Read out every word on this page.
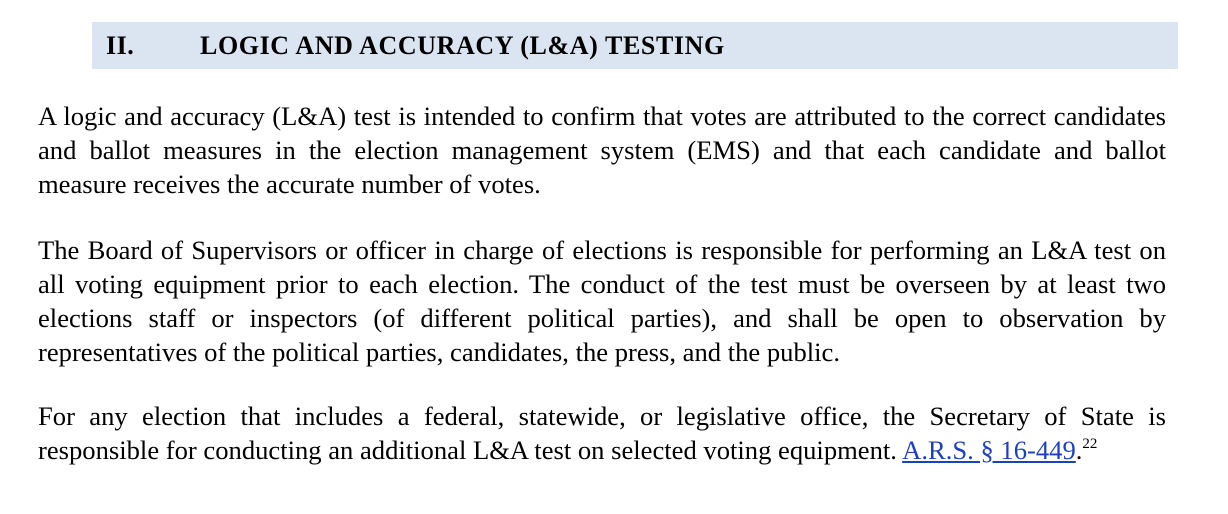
II.	LOGIC AND ACCURACY (L&A) TESTING

A logic and accuracy (L&A) test is intended to confirm that votes are attributed to the correct candidates and ballot measures in the election management system (EMS) and that each candidate and ballot measure receives the accurate number of votes.

The Board of Supervisors or officer in charge of elections is responsible for performing an L&A test on all voting equipment prior to each election. The conduct of the test must be overseen by at least two elections staff or inspectors (of different political parties), and shall be open to observation by representatives of the political parties, candidates, the press, and the public.

For any election that includes a federal, statewide, or legislative office, the Secretary of State is responsible for conducting an additional L&A test on selected voting equipment. A.R.S. § 16-449.22
